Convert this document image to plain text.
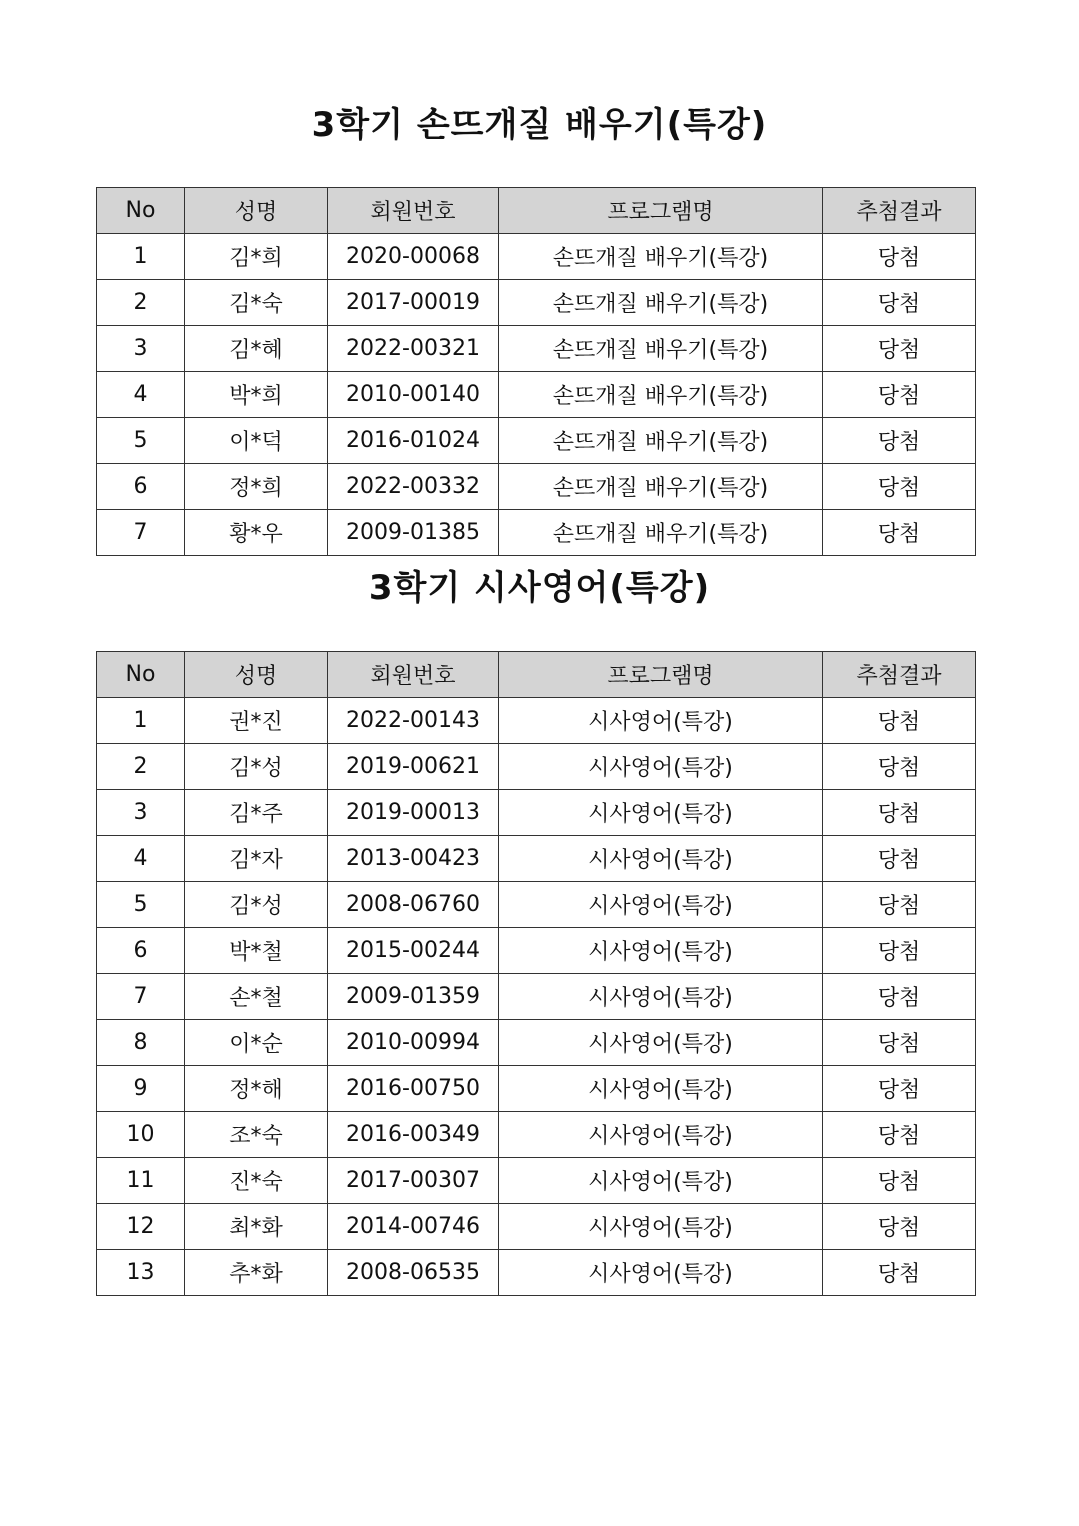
3학기 손뜨개질 배우기(특강)
No	성명	회원번호	프로그램명	추첨결과
1	김*희	2020-00068	손뜨개질 배우기(특강)	당첨
2	김*숙	2017-00019	손뜨개질 배우기(특강)	당첨
3	김*혜	2022-00321	손뜨개질 배우기(특강)	당첨
4	박*희	2010-00140	손뜨개질 배우기(특강)	당첨
5	이*덕	2016-01024	손뜨개질 배우기(특강)	당첨
6	정*희	2022-00332	손뜨개질 배우기(특강)	당첨
7	황*우	2009-01385	손뜨개질 배우기(특강)	당첨
3학기 시사영어(특강)
No	성명	회원번호	프로그램명	추첨결과
1	권*진	2022-00143	시사영어(특강)	당첨
2	김*성	2019-00621	시사영어(특강)	당첨
3	김*주	2019-00013	시사영어(특강)	당첨
4	김*자	2013-00423	시사영어(특강)	당첨
5	김*성	2008-06760	시사영어(특강)	당첨
6	박*철	2015-00244	시사영어(특강)	당첨
7	손*철	2009-01359	시사영어(특강)	당첨
8	이*순	2010-00994	시사영어(특강)	당첨
9	정*해	2016-00750	시사영어(특강)	당첨
10	조*숙	2016-00349	시사영어(특강)	당첨
11	진*숙	2017-00307	시사영어(특강)	당첨
12	최*화	2014-00746	시사영어(특강)	당첨
13	추*화	2008-06535	시사영어(특강)	당첨
